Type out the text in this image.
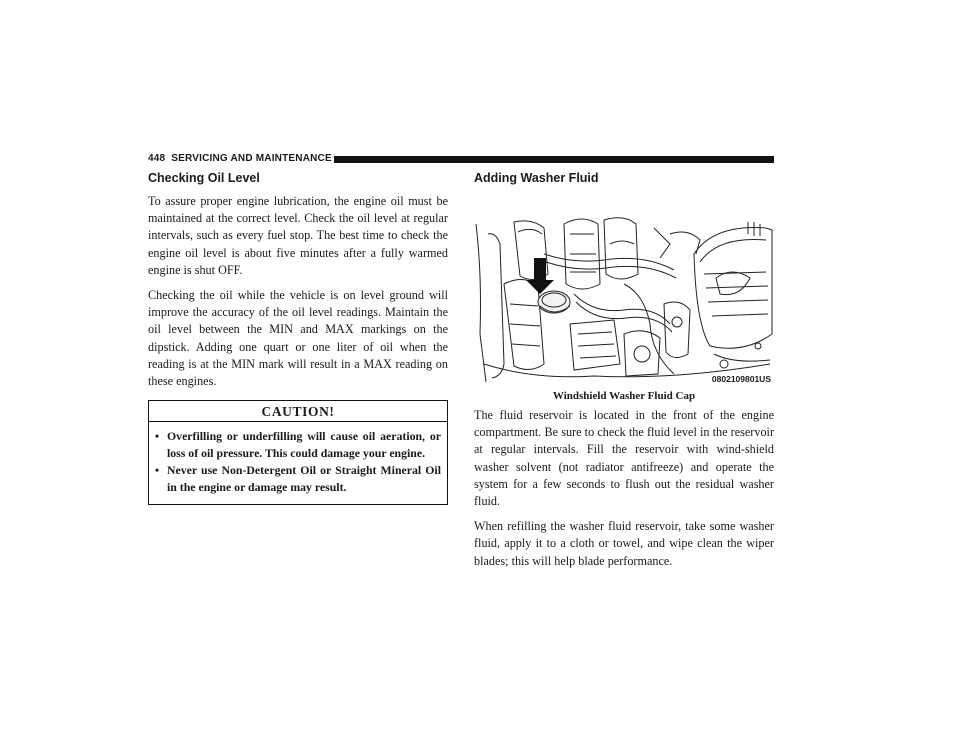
448 SERVICING AND MAINTENANCE
Checking Oil Level

To assure proper engine lubrication, the engine oil must be maintained at the correct level. Check the oil level at regular intervals, such as every fuel stop. The best time to check the engine oil level is about five minutes after a fully warmed engine is shut OFF.

Checking the oil while the vehicle is on level ground will improve the accuracy of the oil level readings. Maintain the oil level between the MIN and MAX markings on the dipstick. Adding one quart or one liter of oil when the reading is at the MIN mark will result in a MAX reading on these engines.

CAUTION!
• Overfilling or underfilling will cause oil aeration, or loss of oil pressure. This could damage your engine.
• Never use Non-Detergent Oil or Straight Mineral Oil in the engine or damage may result.
Adding Washer Fluid
0802109801US
Windshield Washer Fluid Cap

The fluid reservoir is located in the front of the engine compartment. Be sure to check the fluid level in the reservoir at regular intervals. Fill the reservoir with wind-shield washer solvent (not radiator antifreeze) and operate the system for a few seconds to flush out the residual washer fluid.

When refilling the washer fluid reservoir, take some washer fluid, apply it to a cloth or towel, and wipe clean the wiper blades; this will help blade performance.
